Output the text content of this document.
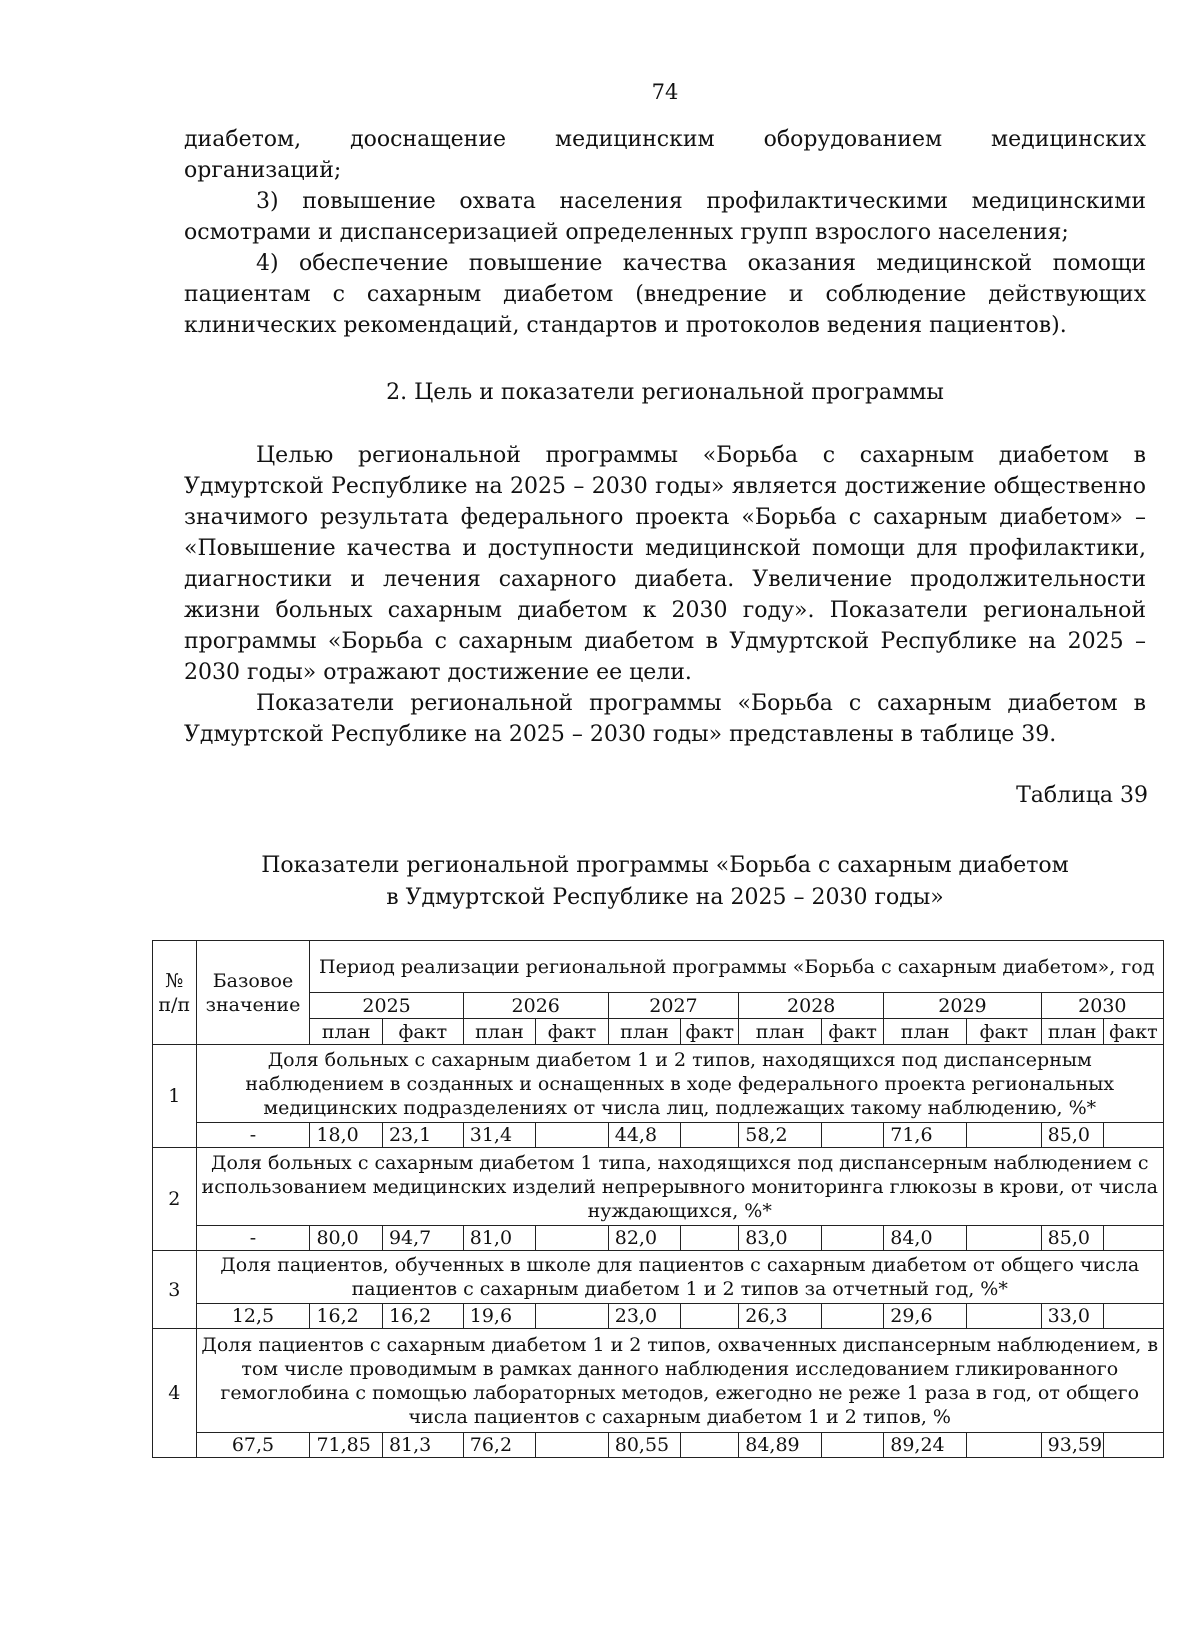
74

диабетом, дооснащение медицинским оборудованием медицинских

организаций;

3) повышение охвата населения профилактическими медицинскими осмотрами и диспансеризацией определенных групп взрослого населения;

4) обеспечение повышение качества оказания медицинской помощи пациентам с сахарным диабетом (внедрение и соблюдение действующих клинических рекомендаций, стандартов и протоколов ведения пациентов).

2. Цель и показатели региональной программы

Целью региональной программы «Борьба с сахарным диабетом в Удмуртской Республике на 2025 – 2030 годы» является достижение общественно значимого результата федерального проекта «Борьба с сахарным диабетом» – «Повышение качества и доступности медицинской помощи для профилактики, диагностики и лечения сахарного диабета. Увеличение продолжительности жизни больных сахарным диабетом к 2030 году». Показатели региональной программы «Борьба с сахарным диабетом в Удмуртской Республике на 2025 – 2030 годы» отражают достижение ее цели.

Показатели региональной программы «Борьба с сахарным диабетом в Удмуртской Республике на 2025 – 2030 годы» представлены в таблице 39.

Таблица 39
Показатели региональной программы «Борьба с сахарным диабетом
в Удмуртской Республике на 2025 – 2030 годы»
№ п/п	Базовое значение	Период реализации региональной программы «Борьба с сахарным диабетом», год											
		2025		2026		2027		2028		2029		2030	
		план	факт	план	факт	план	факт	план	факт	план	факт	план	факт
1	Доля больных с сахарным диабетом 1 и 2 типов, находящихся под диспансерным наблюдением в созданных и оснащенных в ходе федерального проекта региональных медицинских подразделениях от числа лиц, подлежащих такому наблюдению, %*												
	-	18,0	23,1	31,4		44,8		58,2		71,6		85,0	
2	Доля больных с сахарным диабетом 1 типа, находящихся под диспансерным наблюдением с использованием медицинских изделий непрерывного мониторинга глюкозы в крови, от числа нуждающихся, %*												
	-	80,0	94,7	81,0		82,0		83,0		84,0		85,0	
3	Доля пациентов, обученных в школе для пациентов с сахарным диабетом от общего числа пациентов с сахарным диабетом 1 и 2 типов за отчетный год, %*												
	12,5	16,2	16,2	19,6		23,0		26,3		29,6		33,0	
4	Доля пациентов с сахарным диабетом 1 и 2 типов, охваченных диспансерным наблюдением, в том числе проводимым в рамках данного наблюдения исследованием гликированного гемоглобина с помощью лабораторных методов, ежегодно не реже 1 раза в год, от общего числа пациентов с сахарным диабетом 1 и 2 типов, %												
	67,5	71,85	81,3	76,2		80,55		84,89		89,24		93,59	
